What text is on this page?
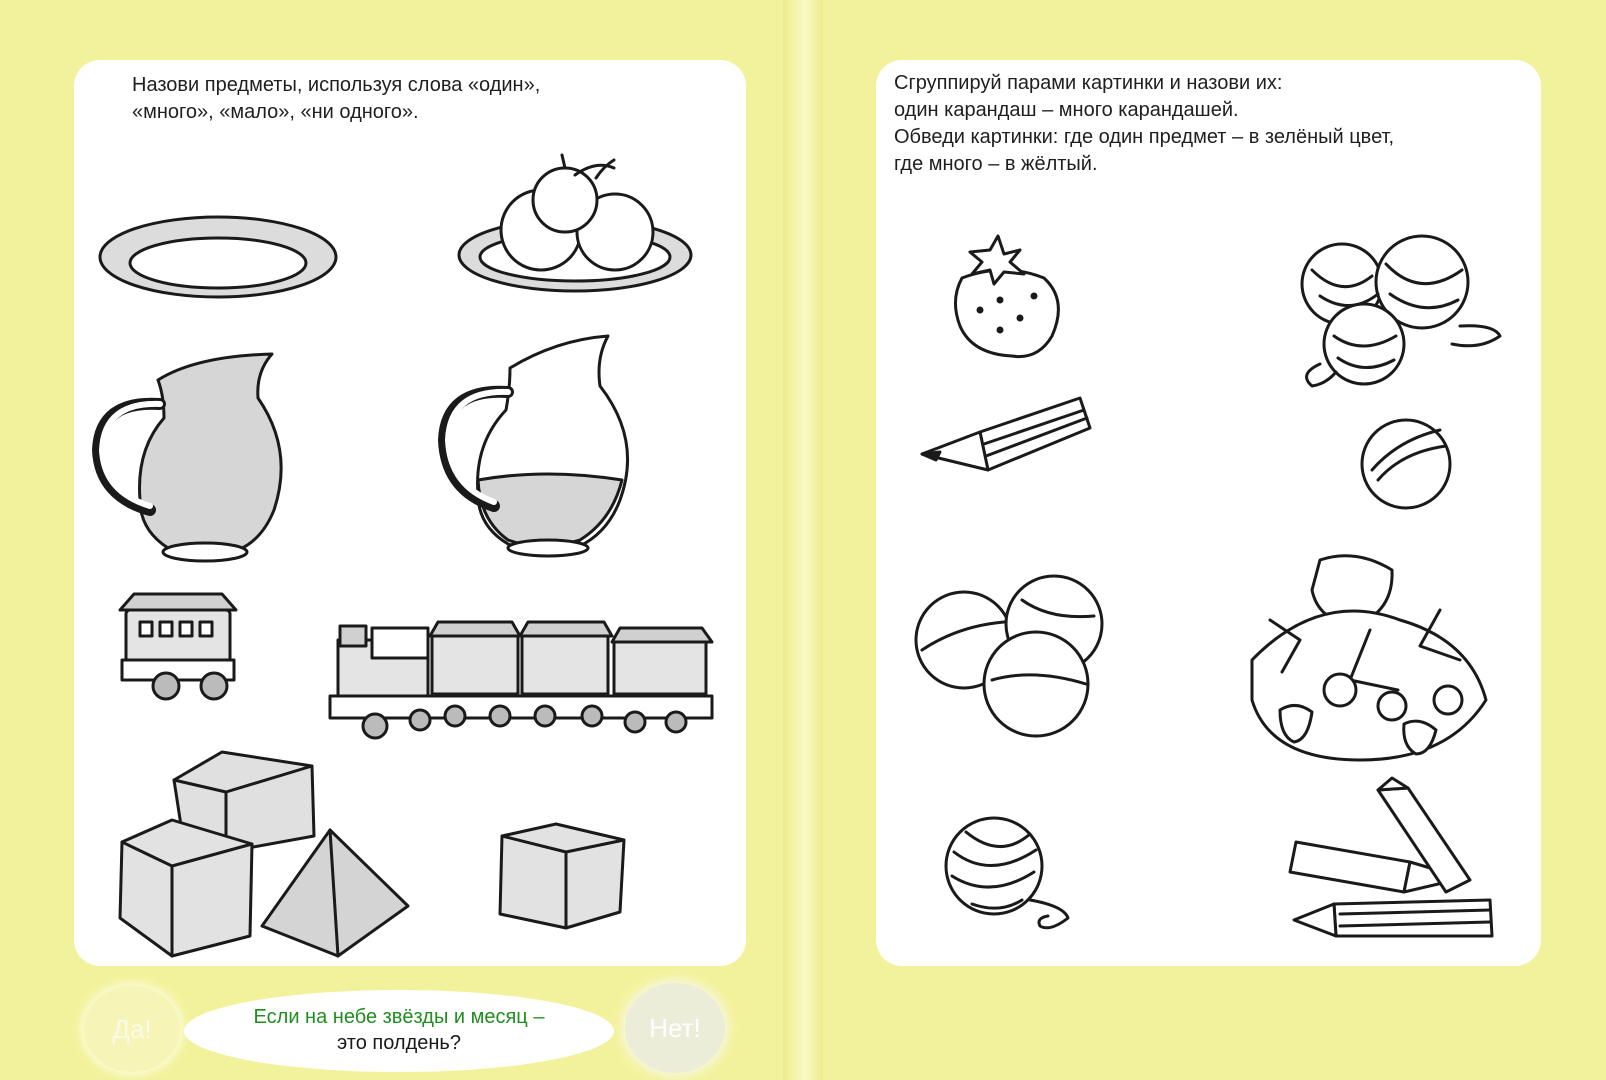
Назови предметы, используя слова «один»,
«много», «мало», «ни одного».
Сгруппируй парами картинки и назови их:
один карандаш – много карандашей.
Обведи картинки: где один предмет – в зелёный цвет,
где много – в жёлтый.
Да!	Если на небе звёзды и месяц –
это полдень?
Нет!
